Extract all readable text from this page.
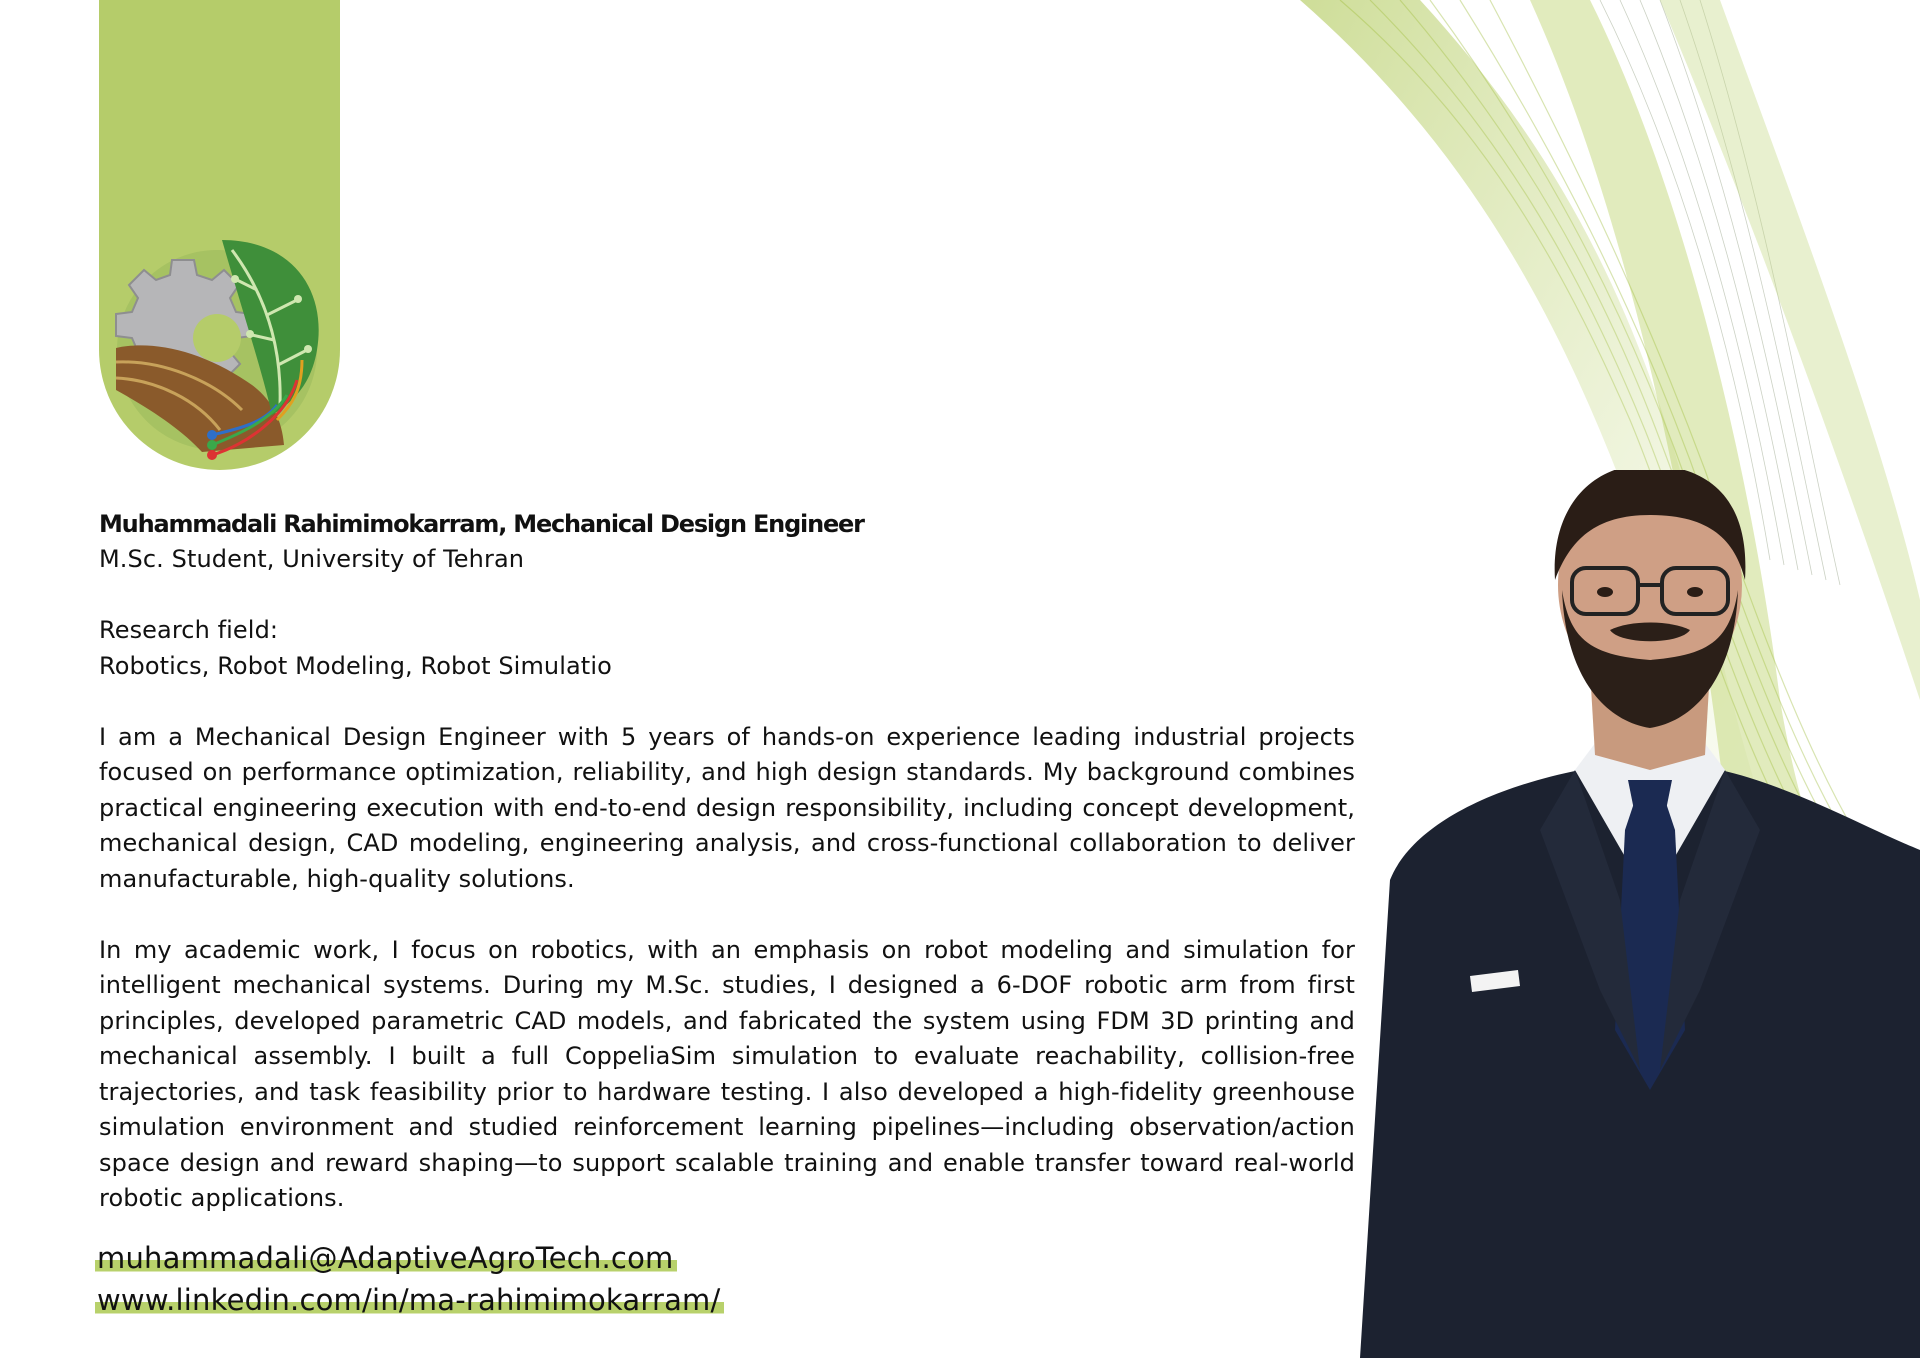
Muhammadali Rahimimokarram, Mechanical Design Engineer

M.Sc. Student, University of Tehran

Research field:

Robotics, Robot Modeling, Robot Simulatio

I am a Mechanical Design Engineer with 5 years of hands-on experience leading industrial projects focused on performance optimization, reliability, and high design standards. My background combines practical engineering execution with end-to-end design responsibility, including concept development, mechanical design, CAD modeling, engineering analysis, and cross-functional collaboration to deliver manufacturable, high-quality solutions.

In my academic work, I focus on robotics, with an emphasis on robot modeling and simulation for intelligent mechanical systems. During my M.Sc. studies, I designed a 6-DOF robotic arm from first principles, developed parametric CAD models, and fabricated the system using FDM 3D printing and mechanical assembly. I built a full CoppeliaSim simulation to evaluate reachability, collision-free trajectories, and task feasibility prior to hardware testing. I also developed a high-fidelity greenhouse simulation environment and studied reinforcement learning pipelines—including observation/action space design and reward shaping—to support scalable training and enable transfer toward real-world robotic applications.

muhammadali@AdaptiveAgroTech.com
www.linkedin.com/in/ma-rahimimokarram/
